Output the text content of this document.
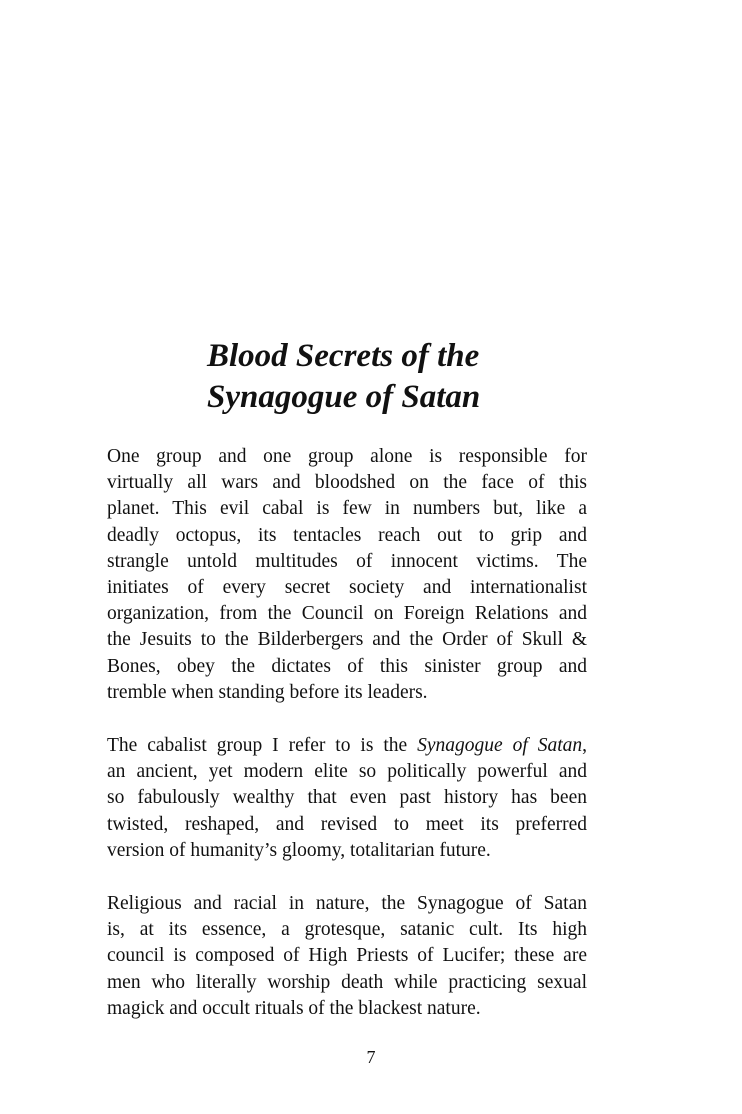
Blood Secrets of the
Synagogue of Satan

One group and one group alone is responsible for
virtually all wars and bloodshed on the face of this
planet. This evil cabal is few in numbers but, like a
deadly octopus, its tentacles reach out to grip and
strangle untold multitudes of innocent victims. The
initiates of every secret society and internationalist
organization, from the Council on Foreign Relations and
the Jesuits to the Bilderbergers and the Order of Skull &
Bones, obey the dictates of this sinister group and
tremble when standing before its leaders.

The cabalist group I refer to is the Synagogue of Satan,
an ancient, yet modern elite so politically powerful and
so fabulously wealthy that even past history has been
twisted, reshaped, and revised to meet its preferred
version of humanity’s gloomy, totalitarian future.

Religious and racial in nature, the Synagogue of Satan
is, at its essence, a grotesque, satanic cult. Its high
council is composed of High Priests of Lucifer; these are
men who literally worship death while practicing sexual
magick and occult rituals of the blackest nature.

7
